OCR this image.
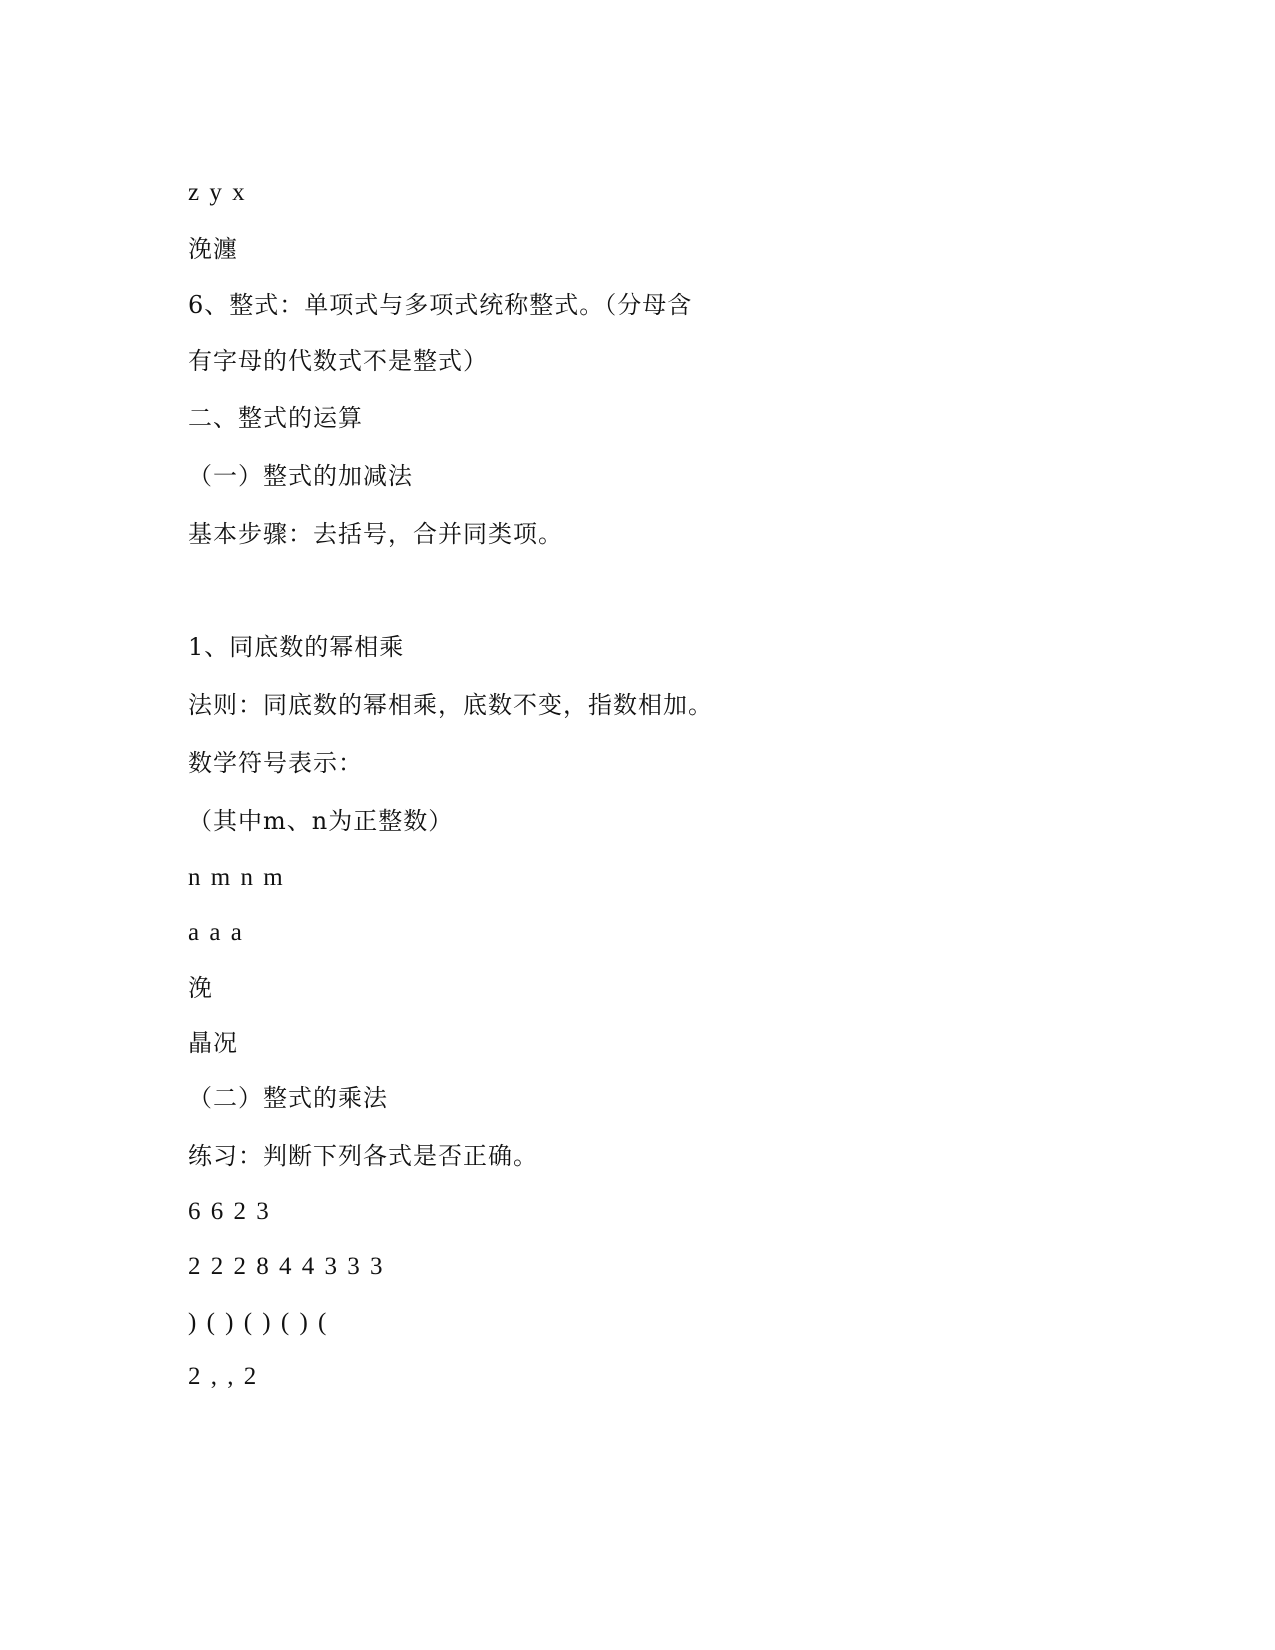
z y x
浼瀍
6、整式：单项式与多项式统称整式。（分母含
有字母的代数式不是整式）
二、整式的运算
（一）整式的加减法
基本步骤：去括号，合并同类项。
1、同底数的幂相乘
法则：同底数的幂相乘，底数不变，指数相加。
数学符号表示：
（其中m、n为正整数）
n m n m
a a a
浼
瞐况
（二）整式的乘法
练习：判断下列各式是否正确。
6 6 2 3
2 2 2 8 4 4 3 3 3
) ( ) ( ) ( ) (
2 , , 2
